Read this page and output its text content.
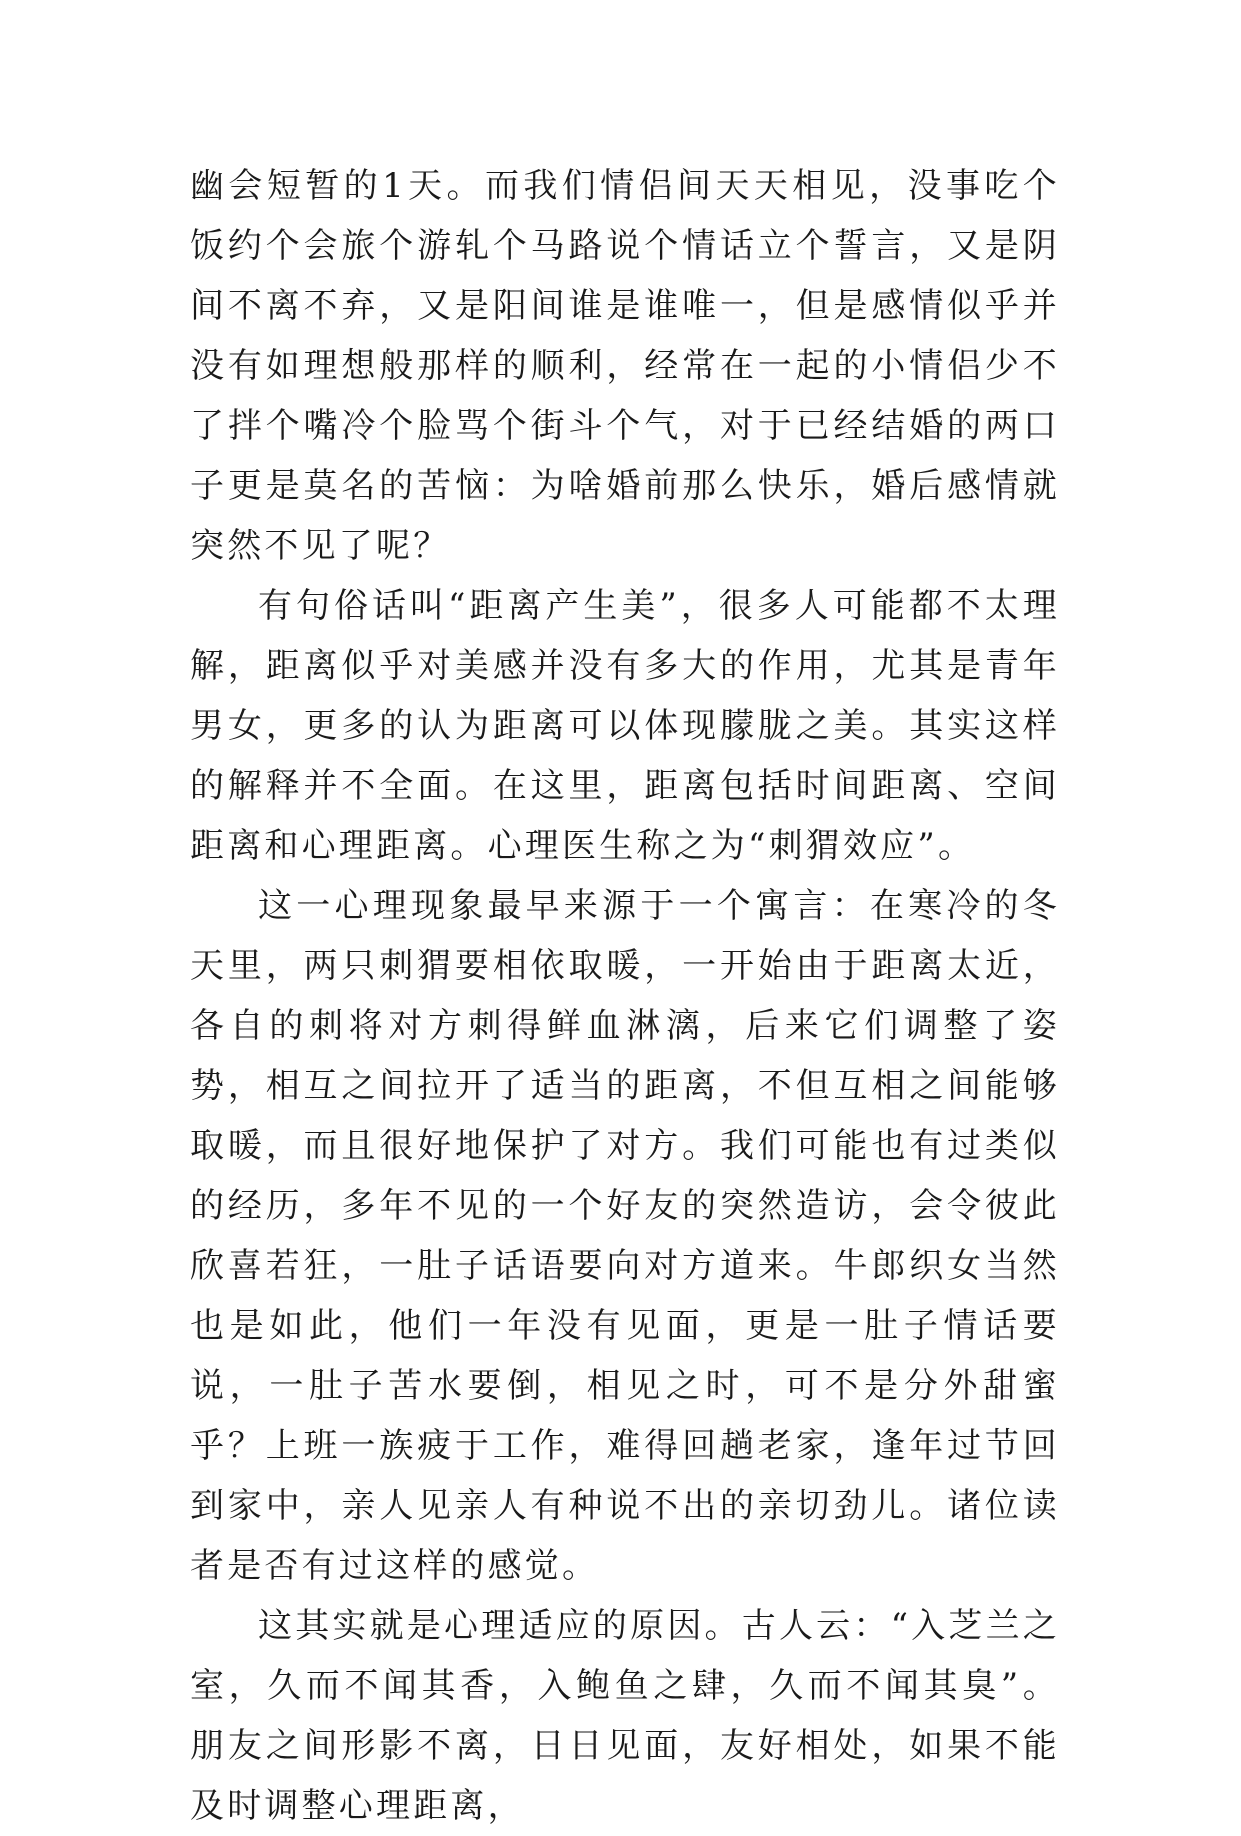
幽会短暂的1天。而我们情侣间天天相见，没事吃个饭约个会旅个游轧个马路说个情话立个誓言，又是阴间不离不弃，又是阳间谁是谁唯一，但是感情似乎并没有如理想般那样的顺利，经常在一起的小情侣少不了拌个嘴冷个脸骂个街斗个气，对于已经结婚的两口子更是莫名的苦恼：为啥婚前那么快乐，婚后感情就突然不见了呢？

有句俗话叫“距离产生美”，很多人可能都不太理解，距离似乎对美感并没有多大的作用，尤其是青年男女，更多的认为距离可以体现朦胧之美。其实这样的解释并不全面。在这里，距离包括时间距离、空间距离和心理距离。心理医生称之为“刺猬效应”。

这一心理现象最早来源于一个寓言：在寒冷的冬天里，两只刺猬要相依取暖，一开始由于距离太近，各自的刺将对方刺得鲜血淋漓，后来它们调整了姿势，相互之间拉开了适当的距离，不但互相之间能够取暖，而且很好地保护了对方。我们可能也有过类似的经历，多年不见的一个好友的突然造访，会令彼此欣喜若狂，一肚子话语要向对方道来。牛郎织女当然也是如此，他们一年没有见面，更是一肚子情话要说，一肚子苦水要倒，相见之时，可不是分外甜蜜乎？上班一族疲于工作，难得回趟老家，逢年过节回到家中，亲人见亲人有种说不出的亲切劲儿。诸位读者是否有过这样的感觉。

这其实就是心理适应的原因。古人云：“入芝兰之室，久而不闻其香，入鲍鱼之肆，久而不闻其臭”。朋友之间形影不离，日日见面，友好相处，如果不能及时调整心理距离，
